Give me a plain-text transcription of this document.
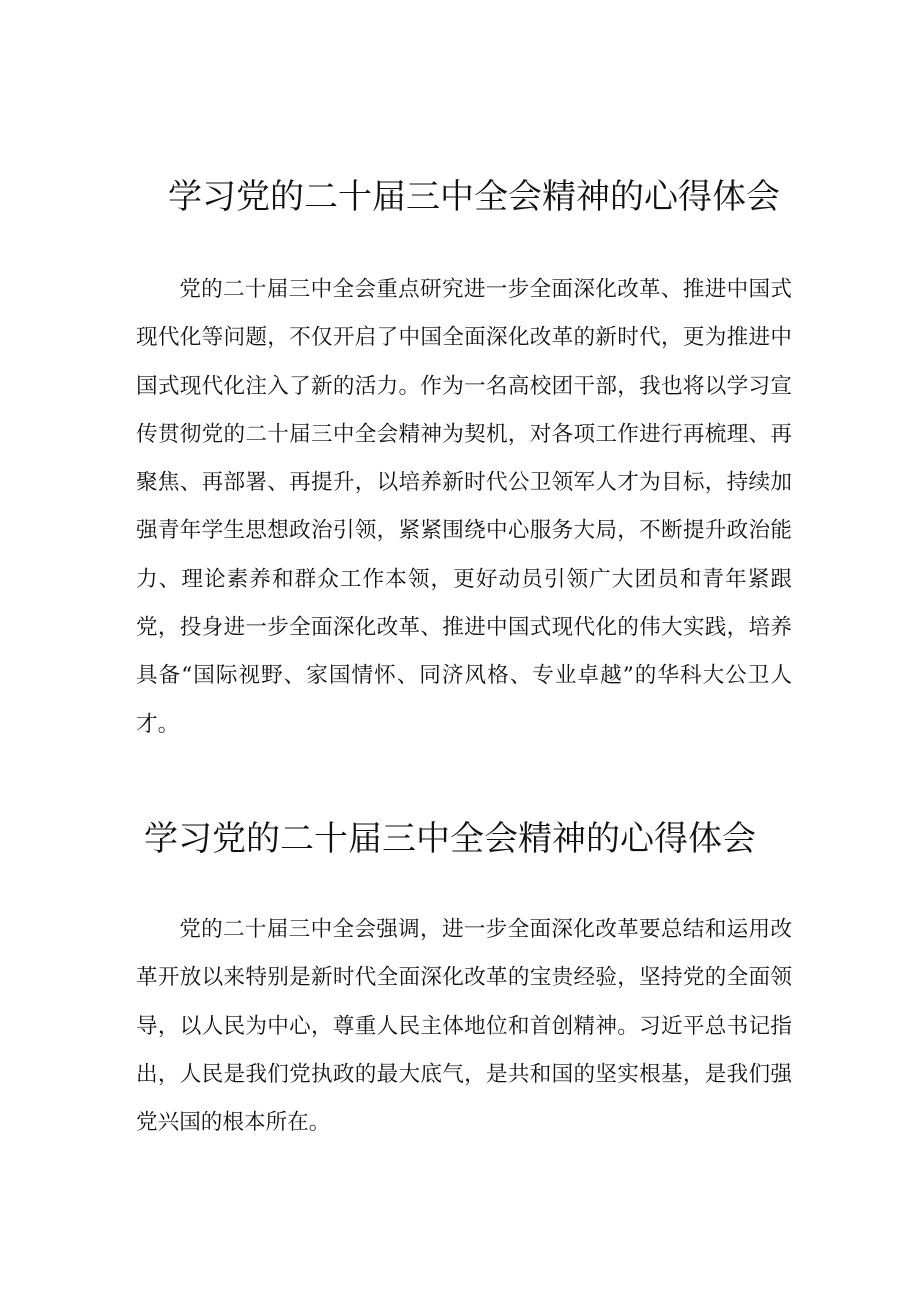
学习党的二十届三中全会精神的心得体会

党的二十届三中全会重点研究进一步全面深化改革、推进中国式现代化等问题，不仅开启了中国全面深化改革的新时代，更为推进中国式现代化注入了新的活力。作为一名高校团干部，我也将以学习宣传贯彻党的二十届三中全会精神为契机，对各项工作进行再梳理、再聚焦、再部署、再提升，以培养新时代公卫领军人才为目标，持续加强青年学生思想政治引领，紧紧围绕中心服务大局，不断提升政治能力、理论素养和群众工作本领，更好动员引领广大团员和青年紧跟党，投身进一步全面深化改革、推进中国式现代化的伟大实践，培养具备“国际视野、家国情怀、同济风格、专业卓越”的华科大公卫人才。

学习党的二十届三中全会精神的心得体会

党的二十届三中全会强调，进一步全面深化改革要总结和运用改革开放以来特别是新时代全面深化改革的宝贵经验，坚持党的全面领导，以人民为中心，尊重人民主体地位和首创精神。习近平总书记指出，人民是我们党执政的最大底气，是共和国的坚实根基，是我们强党兴国的根本所在。
